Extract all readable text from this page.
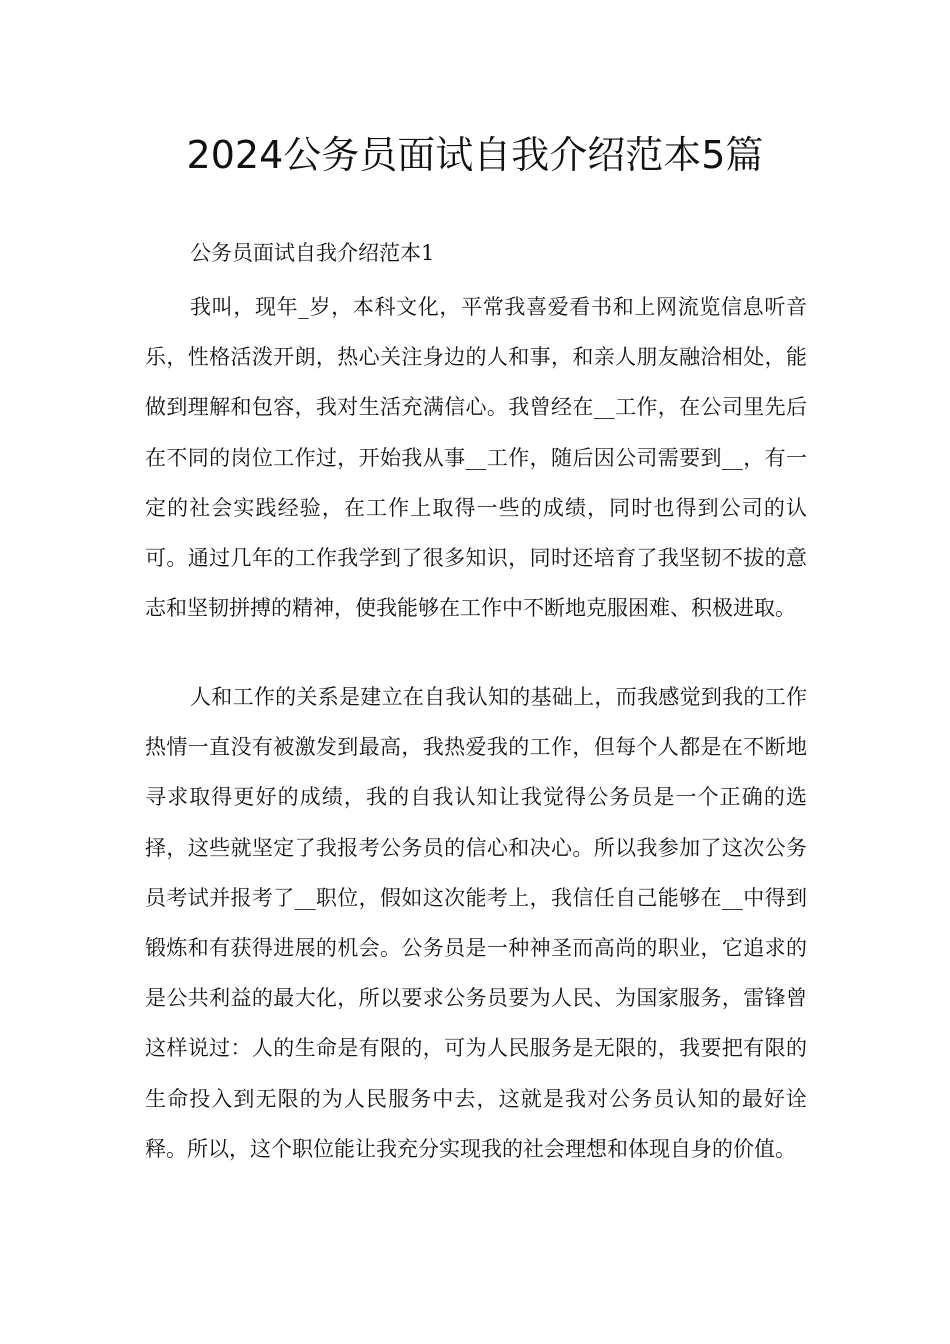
2024公务员面试自我介绍范本5篇

公务员面试自我介绍范本1

我叫，现年_岁，本科文化，平常我喜爱看书和上网流览信息听音乐，性格活泼开朗，热心关注身边的人和事，和亲人朋友融洽相处，能做到理解和包容，我对生活充满信心。我曾经在__工作，在公司里先后在不同的岗位工作过，开始我从事__工作，随后因公司需要到__，有一定的社会实践经验，在工作上取得一些的成绩，同时也得到公司的认可。通过几年的工作我学到了很多知识，同时还培育了我坚韧不拔的意志和坚韧拼搏的精神，使我能够在工作中不断地克服困难、积极进取。

人和工作的关系是建立在自我认知的基础上，而我感觉到我的工作热情一直没有被激发到最高，我热爱我的工作，但每个人都是在不断地寻求取得更好的成绩，我的自我认知让我觉得公务员是一个正确的选择，这些就坚定了我报考公务员的信心和决心。所以我参加了这次公务员考试并报考了__职位，假如这次能考上，我信任自己能够在__中得到锻炼和有获得进展的机会。公务员是一种神圣而高尚的职业，它追求的是公共利益的最大化，所以要求公务员要为人民、为国家服务，雷锋曾这样说过：人的生命是有限的，可为人民服务是无限的，我要把有限的生命投入到无限的为人民服务中去，这就是我对公务员认知的最好诠释。所以，这个职位能让我充分实现我的社会理想和体现自身的价值。
